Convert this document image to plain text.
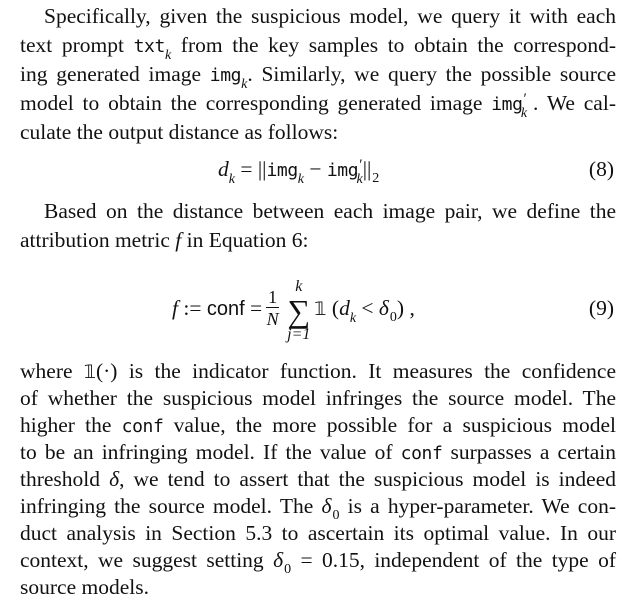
Specifically, given the suspicious model, we query it with each
text prompt txt$_k$ from the key samples to obtain the correspond-
ing generated image img$_k$. Similarly, we query the possible source
model to obtain the corresponding generated image img′$_k$ . We cal-
culate the output distance as follows:
$d_k = ||img_k - img'_k||_2$	(8)
Based on the distance between each image pair, we define the
attribution metric f in Equation 6:
f := conf = $\frac{1}{N}$	k
∑
j=1
𝟙 $(d_k < \delta_0)$ ,	(9)
where 𝟙(·) is the indicator function. It measures the confidence
of whether the suspicious model infringes the source model. The
higher the conf value, the more possible for a suspicious model
to be an infringing model. If the value of conf surpasses a certain
threshold δ, we tend to assert that the suspicious model is indeed
infringing the source model. The $\delta_0$ is a hyper-parameter. We con-
duct analysis in Section 5.3 to ascertain its optimal value. In our
context, we suggest setting $\delta_0 = 0.15$, independent of the type of
source models.
